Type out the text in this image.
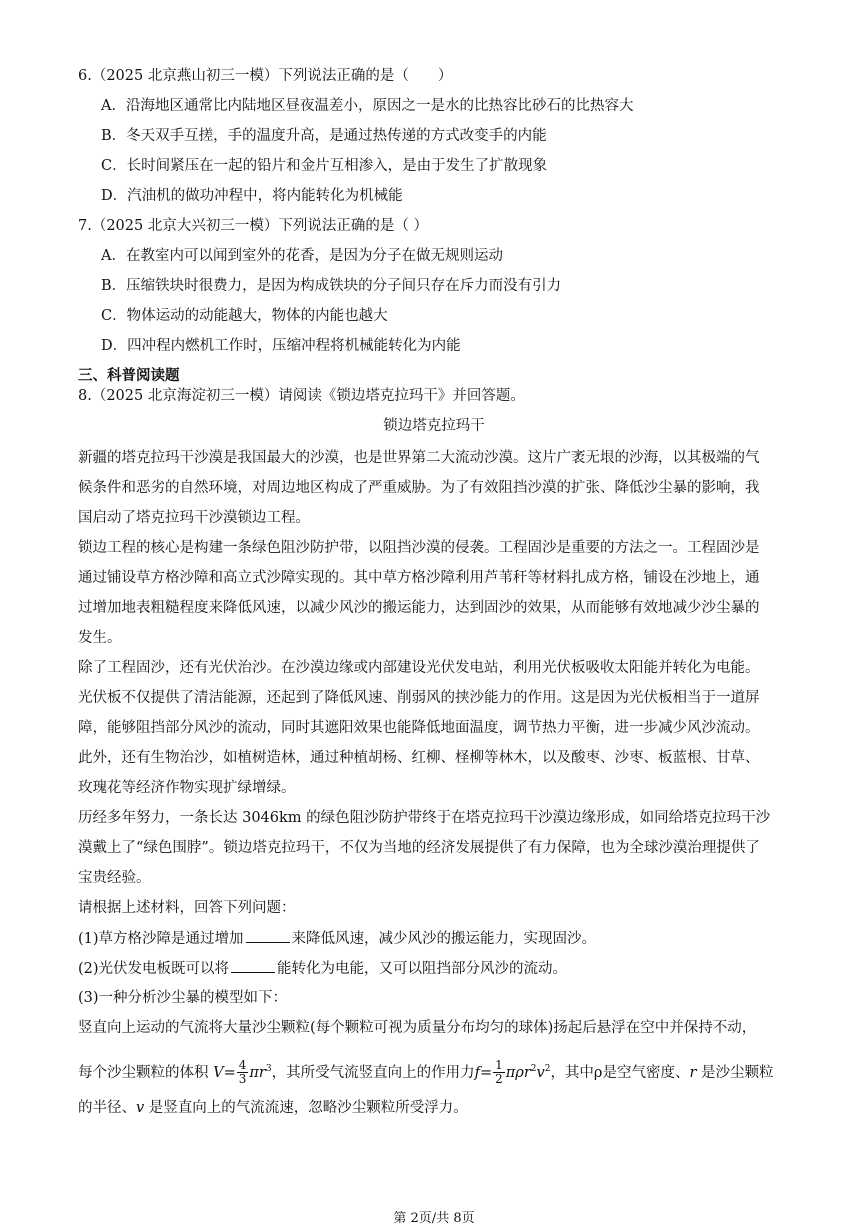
6.（2025 北京燕山初三一模）下列说法正确的是（　　）
A．沿海地区通常比内陆地区昼夜温差小，原因之一是水的比热容比砂石的比热容大
B．冬天双手互搓，手的温度升高，是通过热传递的方式改变手的内能
C．长时间紧压在一起的铅片和金片互相渗入，是由于发生了扩散现象
D．汽油机的做功冲程中，将内能转化为机械能
7.（2025 北京大兴初三一模）下列说法正确的是（ ）
A．在教室内可以闻到室外的花香，是因为分子在做无规则运动
B．压缩铁块时很费力，是因为构成铁块的分子间只存在斥力而没有引力
C．物体运动的动能越大，物体的内能也越大
D．四冲程内燃机工作时，压缩冲程将机械能转化为内能
三、科普阅读题
8.（2025 北京海淀初三一模）请阅读《锁边塔克拉玛干》并回答题。
锁边塔克拉玛干
新疆的塔克拉玛干沙漠是我国最大的沙漠，也是世界第二大流动沙漠。这片广袤无垠的沙海，以其极端的气
候条件和恶劣的自然环境，对周边地区构成了严重威胁。为了有效阻挡沙漠的扩张、降低沙尘暴的影响，我
国启动了塔克拉玛干沙漠锁边工程。
锁边工程的核心是构建一条绿色阻沙防护带，以阻挡沙漠的侵袭。工程固沙是重要的方法之一。工程固沙是
通过铺设草方格沙障和高立式沙障实现的。其中草方格沙障利用芦苇秆等材料扎成方格，铺设在沙地上，通
过增加地表粗糙程度来降低风速，以减少风沙的搬运能力，达到固沙的效果，从而能够有效地减少沙尘暴的
发生。
除了工程固沙，还有光伏治沙。在沙漠边缘或内部建设光伏发电站，利用光伏板吸收太阳能并转化为电能。
光伏板不仅提供了清洁能源，还起到了降低风速、削弱风的挟沙能力的作用。这是因为光伏板相当于一道屏
障，能够阻挡部分风沙的流动，同时其遮阳效果也能降低地面温度，调节热力平衡，进一步减少风沙流动。
此外，还有生物治沙，如植树造林，通过种植胡杨、红柳、柽柳等林木，以及酸枣、沙枣、板蓝根、甘草、
玫瑰花等经济作物实现扩绿增绿。
历经多年努力，一条长达 3046km 的绿色阻沙防护带终于在塔克拉玛干沙漠边缘形成，如同给塔克拉玛干沙
漠戴上了“绿色围脖”。锁边塔克拉玛干，不仅为当地的经济发展提供了有力保障，也为全球沙漠治理提供了
宝贵经验。
请根据上述材料，回答下列问题：
(1)草方格沙障是通过增加	来降低风速，减少风沙的搬运能力，实现固沙。
(2)光伏发电板既可以将	能转化为电能，又可以阻挡部分风沙的流动。
(3)一种分析沙尘暴的模型如下：
竖直向上运动的气流将大量沙尘颗粒(每个颗粒可视为质量分布均匀的球体)扬起后悬浮在空中并保持不动，
每个沙尘颗粒的体积 $V= \frac{4}{3} \pi r^3$，其所受气流竖直向上的作用力$f= \frac{1}{2} \pi\rho r^2v^2$，其中ρ是空气密度、r 是沙尘颗粒
的半径、v 是竖直向上的气流流速，忽略沙尘颗粒所受浮力。
第 2页/共 8页
